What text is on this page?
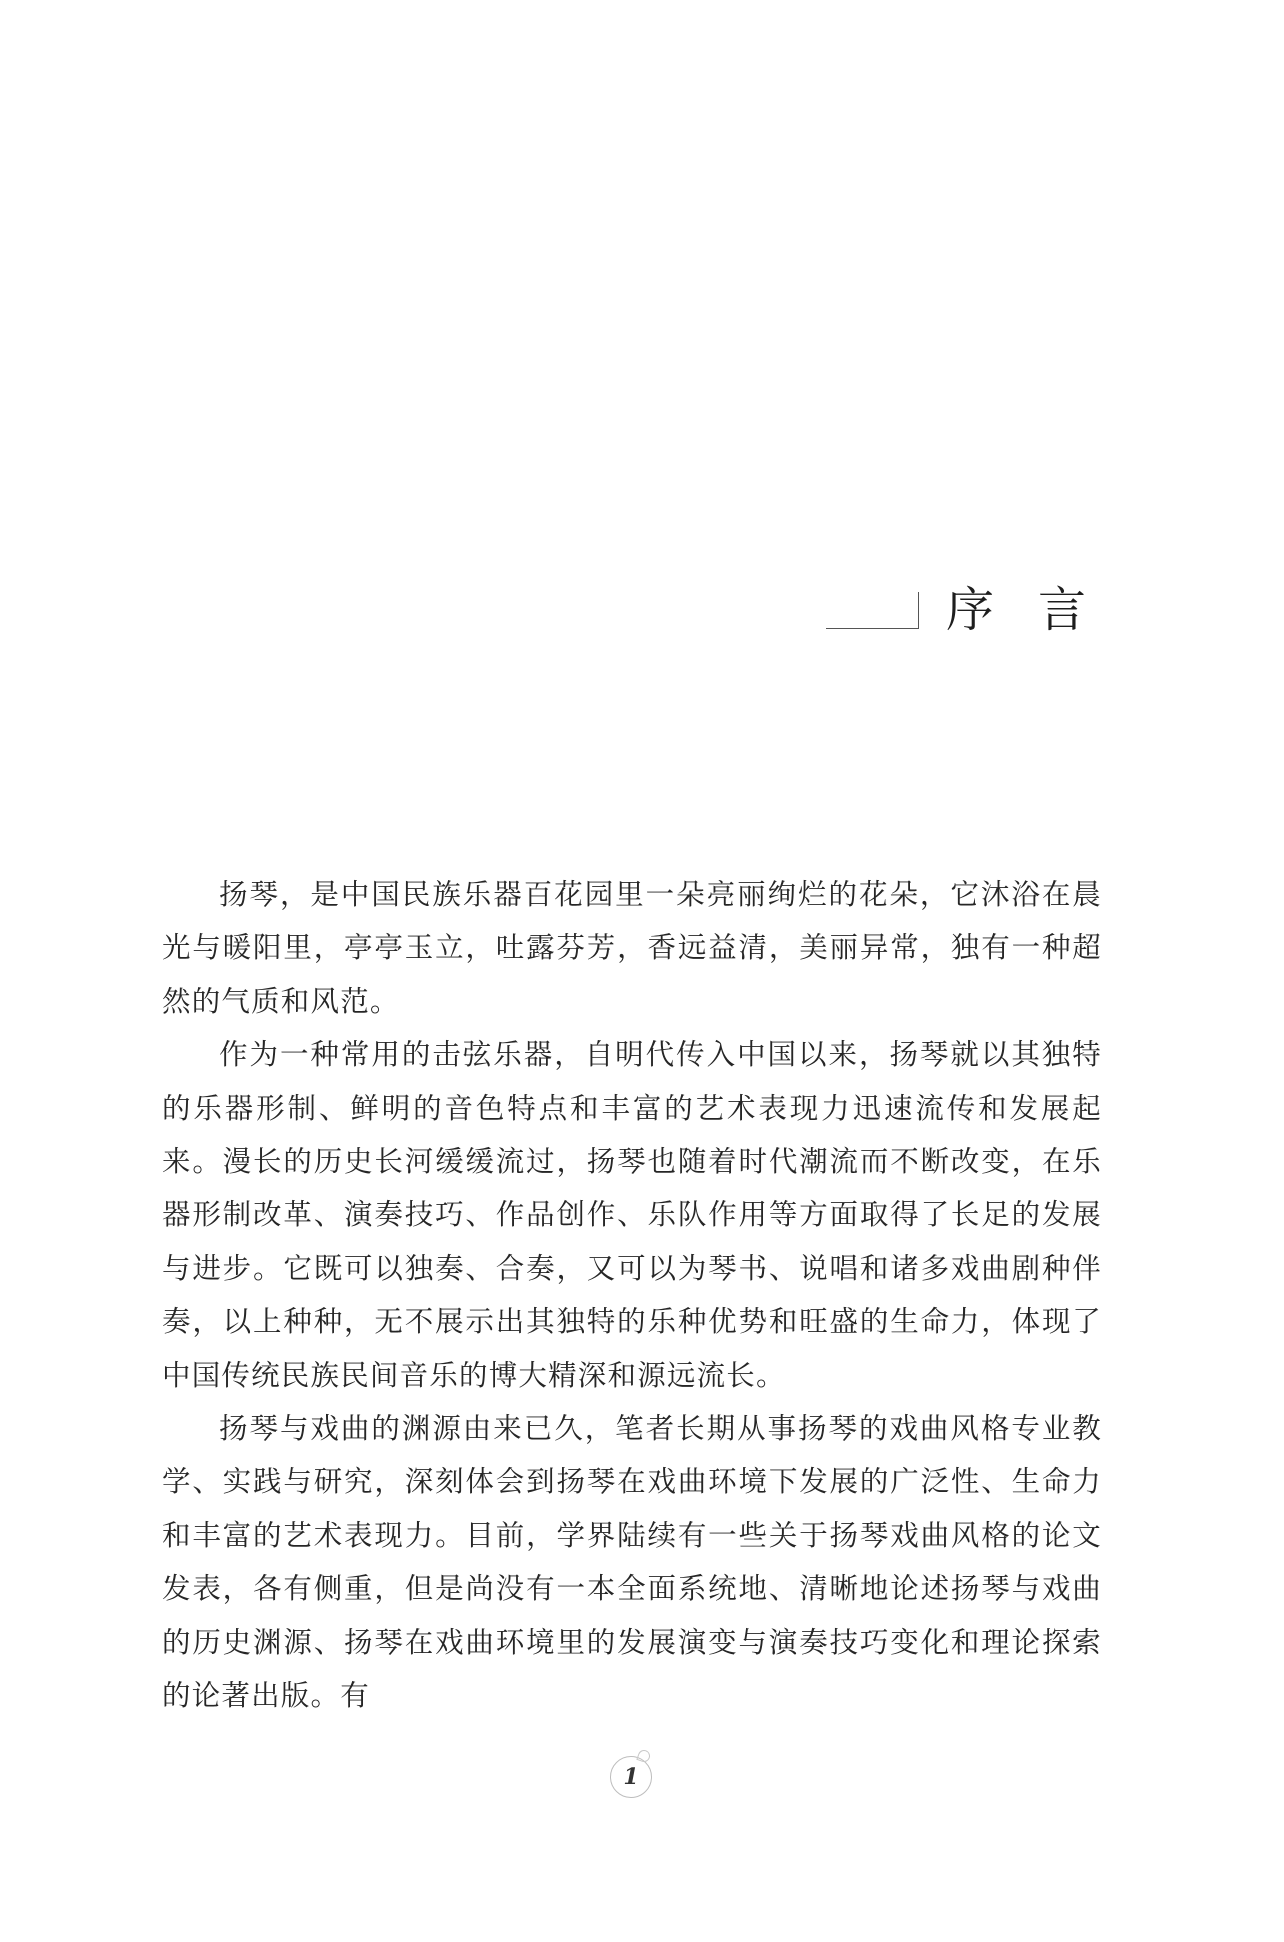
序言

扬琴，是中国民族乐器百花园里一朵亮丽绚烂的花朵，它沐浴在晨光与暖阳里，亭亭玉立，吐露芬芳，香远益清，美丽异常，独有一种超然的气质和风范。

作为一种常用的击弦乐器，自明代传入中国以来，扬琴就以其独特的乐器形制、鲜明的音色特点和丰富的艺术表现力迅速流传和发展起来。漫长的历史长河缓缓流过，扬琴也随着时代潮流而不断改变，在乐器形制改革、演奏技巧、作品创作、乐队作用等方面取得了长足的发展与进步。它既可以独奏、合奏，又可以为琴书、说唱和诸多戏曲剧种伴奏，以上种种，无不展示出其独特的乐种优势和旺盛的生命力，体现了中国传统民族民间音乐的博大精深和源远流长。

扬琴与戏曲的渊源由来已久，笔者长期从事扬琴的戏曲风格专业教学、实践与研究，深刻体会到扬琴在戏曲环境下发展的广泛性、生命力和丰富的艺术表现力。目前，学界陆续有一些关于扬琴戏曲风格的论文发表，各有侧重，但是尚没有一本全面系统地、清晰地论述扬琴与戏曲的历史渊源、扬琴在戏曲环境里的发展演变与演奏技巧变化和理论探索的论著出版。有

1
